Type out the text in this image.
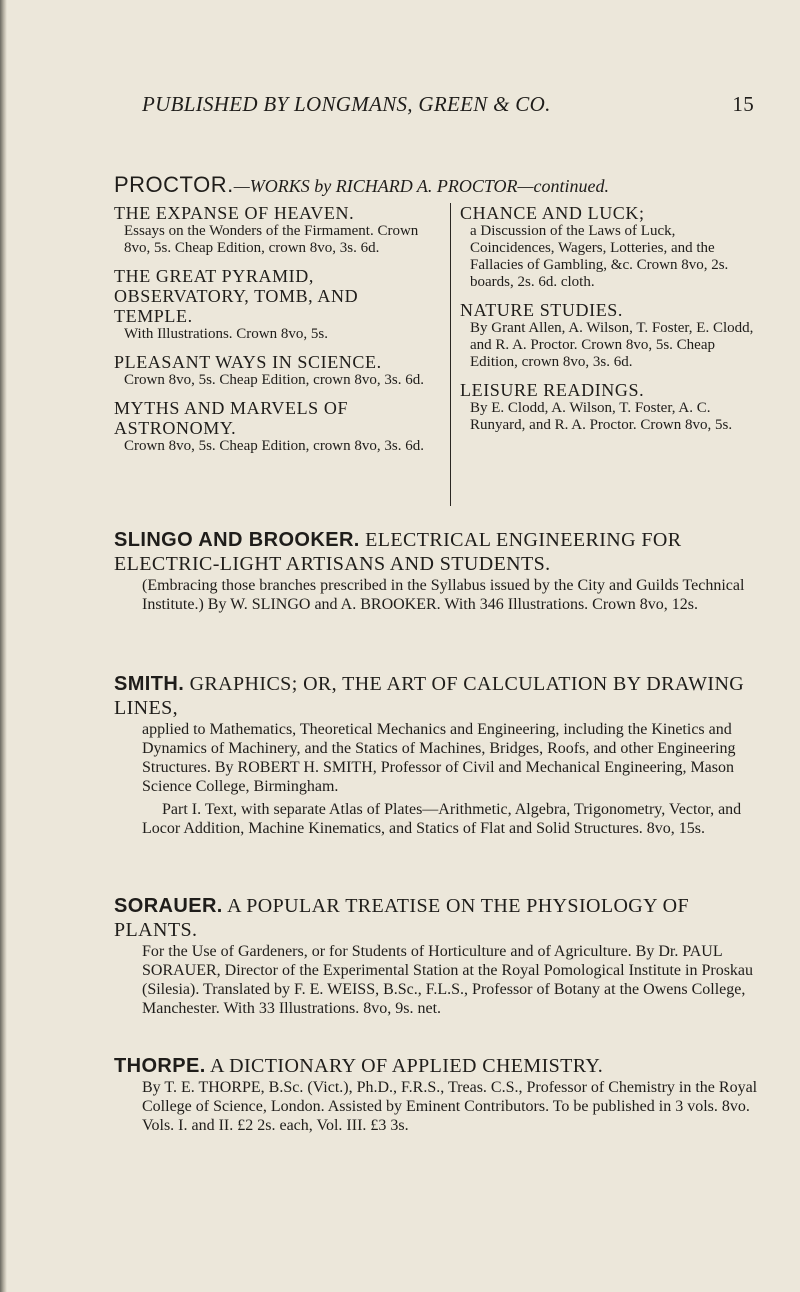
PUBLISHED BY LONGMANS, GREEN & CO.	15
PROCTOR.—WORKS by RICHARD A. PROCTOR—continued.
THE EXPANSE OF HEAVEN.
Essays on the Wonders of the Firmament. Crown 8vo, 5s. Cheap Edition, crown 8vo, 3s. 6d.
THE GREAT PYRAMID, OBSERVATORY, TOMB, AND TEMPLE.
With Illustrations. Crown 8vo, 5s.
PLEASANT WAYS IN SCIENCE.
Crown 8vo, 5s. Cheap Edition, crown 8vo, 3s. 6d.
MYTHS AND MARVELS OF ASTRONOMY.
Crown 8vo, 5s. Cheap Edition, crown 8vo, 3s. 6d.
CHANCE AND LUCK;
a Discussion of the Laws of Luck, Coincidences, Wagers, Lotteries, and the Fallacies of Gambling, &c. Crown 8vo, 2s. boards, 2s. 6d. cloth.
NATURE STUDIES.
By Grant Allen, A. Wilson, T. Foster, E. Clodd, and R. A. Proctor. Crown 8vo, 5s. Cheap Edition, crown 8vo, 3s. 6d.
LEISURE READINGS.
By E. Clodd, A. Wilson, T. Foster, A. C. Runyard, and R. A. Proctor. Crown 8vo, 5s.
SLINGO AND BROOKER. ELECTRICAL ENGINEERING FOR ELECTRIC-LIGHT ARTISANS AND STUDENTS.
(Embracing those branches prescribed in the Syllabus issued by the City and Guilds Technical Institute.) By W. SLINGO and A. BROOKER. With 346 Illustrations. Crown 8vo, 12s.
SMITH. GRAPHICS; OR, THE ART OF CALCULATION BY DRAWING LINES,
applied to Mathematics, Theoretical Mechanics and Engineering, including the Kinetics and Dynamics of Machinery, and the Statics of Machines, Bridges, Roofs, and other Engineering Structures. By ROBERT H. SMITH, Professor of Civil and Mechanical Engineering, Mason Science College, Birmingham.
Part I. Text, with separate Atlas of Plates—Arithmetic, Algebra, Trigonometry, Vector, and Locor Addition, Machine Kinematics, and Statics of Flat and Solid Structures. 8vo, 15s.
SORAUER. A POPULAR TREATISE ON THE PHYSIOLOGY OF PLANTS.
For the Use of Gardeners, or for Students of Horticulture and of Agriculture. By Dr. PAUL SORAUER, Director of the Experimental Station at the Royal Pomological Institute in Proskau (Silesia). Translated by F. E. WEISS, B.Sc., F.L.S., Professor of Botany at the Owens College, Manchester. With 33 Illustrations. 8vo, 9s. net.
THORPE. A DICTIONARY OF APPLIED CHEMISTRY.
By T. E. THORPE, B.Sc. (Vict.), Ph.D., F.R.S., Treas. C.S., Professor of Chemistry in the Royal College of Science, London. Assisted by Eminent Contributors. To be published in 3 vols. 8vo. Vols. I. and II. £2 2s. each, Vol. III. £3 3s.
